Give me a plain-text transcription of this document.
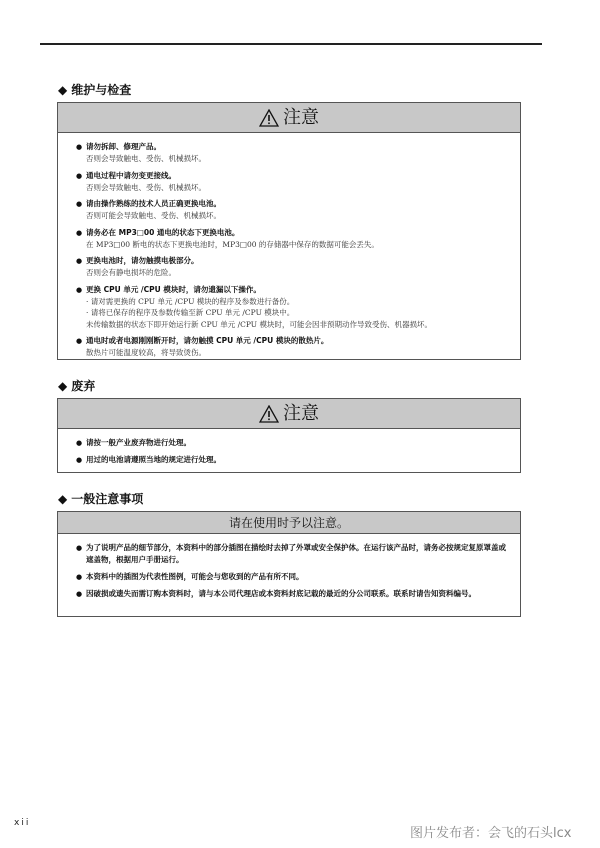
◆ 维护与检查
注意
● 请勿拆卸、修理产品。
否则会导致触电、受伤、机械损坏。
● 通电过程中请勿变更接线。
否则会导致触电、受伤、机械损坏。
● 请由操作熟练的技术人员正确更换电池。
否则可能会导致触电、受伤、机械损坏。
● 请务必在 MP3□00 通电的状态下更换电池。
在 MP3□00 断电的状态下更换电池时，MP3□00 的存储器中保存的数据可能会丢失。
● 更换电池时，请勿触摸电极部分。
否则会有静电损坏的危险。
● 更换 CPU 单元 /CPU 模块时，请勿遗漏以下操作。
· 请对需更换的 CPU 单元 /CPU 模块的程序及参数进行备份。
· 请将已保存的程序及参数传输至新 CPU 单元 /CPU 模块中。
未传输数据的状态下即开始运行新 CPU 单元 /CPU 模块时，可能会因非预期动作导致受伤、机器损坏。
● 通电时或者电源刚刚断开时，请勿触摸 CPU 单元 /CPU 模块的散热片。
散热片可能温度较高，将导致烫伤。
◆ 废弃
注意
● 请按一般产业废弃物进行处理。
● 用过的电池请遵照当地的规定进行处理。
◆ 一般注意事项
请在使用时予以注意。
● 为了说明产品的细节部分，本资料中的部分插图在描绘时去掉了外罩或安全保护体。在运行该产品时，请务必按规定复原罩盖或遮盖物，根据用户手册运行。
● 本资料中的插图为代表性图例，可能会与您收到的产品有所不同。
● 因破损或遗失而需订购本资料时，请与本公司代理店或本资料封底记载的最近的分公司联系。联系时请告知资料编号。
xii
图片发布者：会飞的石头lcx
